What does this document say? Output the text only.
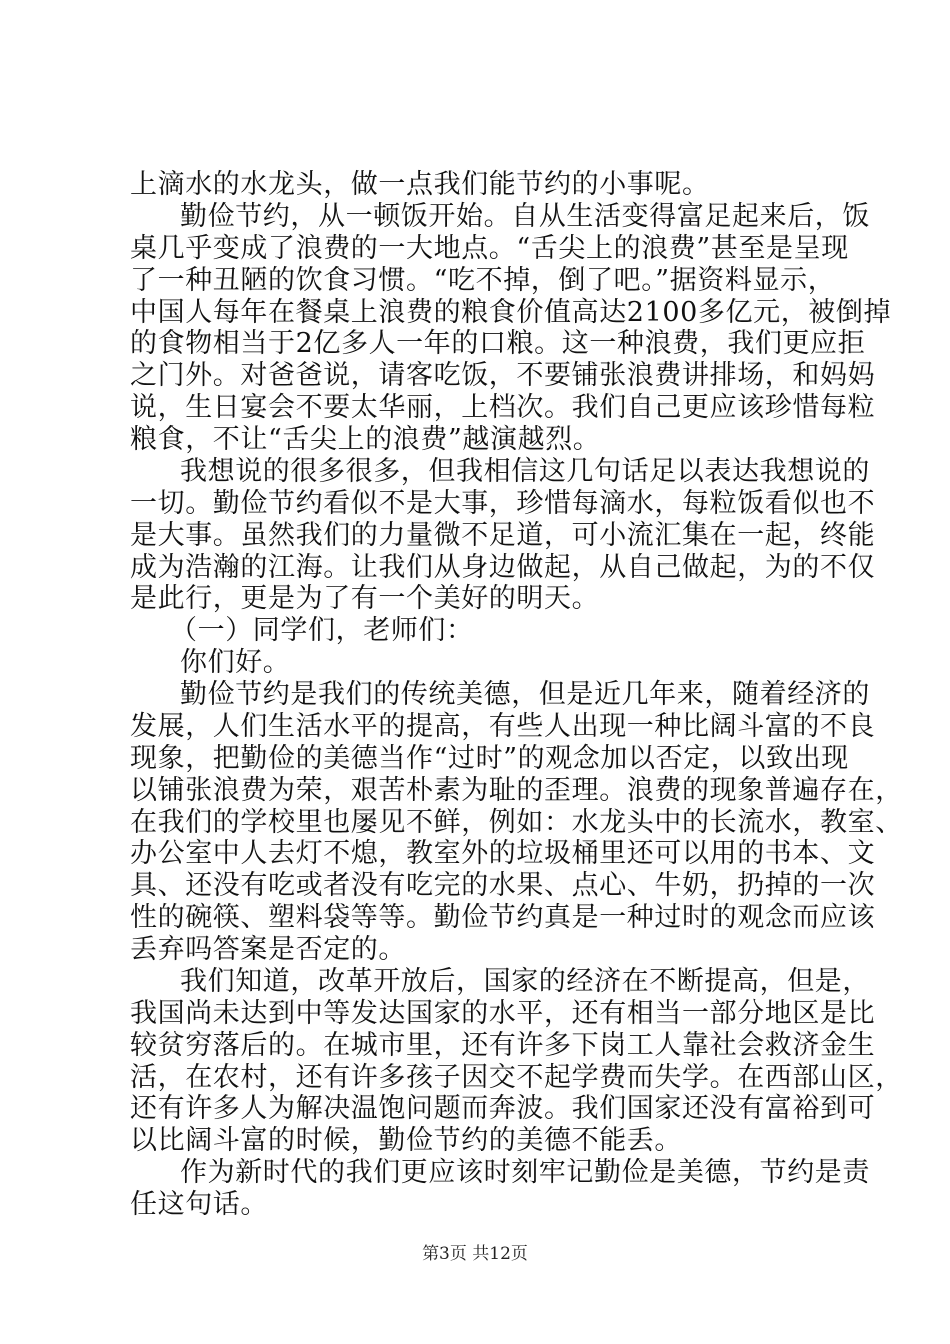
上滴水的水龙头，做一点我们能节约的小事呢。
勤俭节约，从一顿饭开始。自从生活变得富足起来后，饭
桌几乎变成了浪费的一大地点。“舌尖上的浪费”甚至是呈现
了一种丑陋的饮食习惯。“吃不掉，倒了吧。”据资料显示，
中国人每年在餐桌上浪费的粮食价值高达2100多亿元，被倒掉
的食物相当于2亿多人一年的口粮。这一种浪费，我们更应拒
之门外。对爸爸说，请客吃饭，不要铺张浪费讲排场，和妈妈
说，生日宴会不要太华丽，上档次。我们自己更应该珍惜每粒
粮食，不让“舌尖上的浪费”越演越烈。
我想说的很多很多，但我相信这几句话足以表达我想说的
一切。勤俭节约看似不是大事，珍惜每滴水，每粒饭看似也不
是大事。虽然我们的力量微不足道，可小流汇集在一起，终能
成为浩瀚的江海。让我们从身边做起，从自己做起，为的不仅
是此行，更是为了有一个美好的明天。
（一）同学们，老师们：
你们好。
勤俭节约是我们的传统美德，但是近几年来，随着经济的
发展，人们生活水平的提高，有些人出现一种比阔斗富的不良
现象，把勤俭的美德当作“过时”的观念加以否定，以致出现
以铺张浪费为荣，艰苦朴素为耻的歪理。浪费的现象普遍存在，
在我们的学校里也屡见不鲜，例如：水龙头中的长流水，教室、
办公室中人去灯不熄，教室外的垃圾桶里还可以用的书本、文
具、还没有吃或者没有吃完的水果、点心、牛奶，扔掉的一次
性的碗筷、塑料袋等等。勤俭节约真是一种过时的观念而应该
丢弃吗答案是否定的。
我们知道，改革开放后，国家的经济在不断提高，但是，
我国尚未达到中等发达国家的水平，还有相当一部分地区是比
较贫穷落后的。在城市里，还有许多下岗工人靠社会救济金生
活，在农村，还有许多孩子因交不起学费而失学。在西部山区，
还有许多人为解决温饱问题而奔波。我们国家还没有富裕到可
以比阔斗富的时候，勤俭节约的美德不能丢。
作为新时代的我们更应该时刻牢记勤俭是美德，节约是责
任这句话。
第3页 共12页
